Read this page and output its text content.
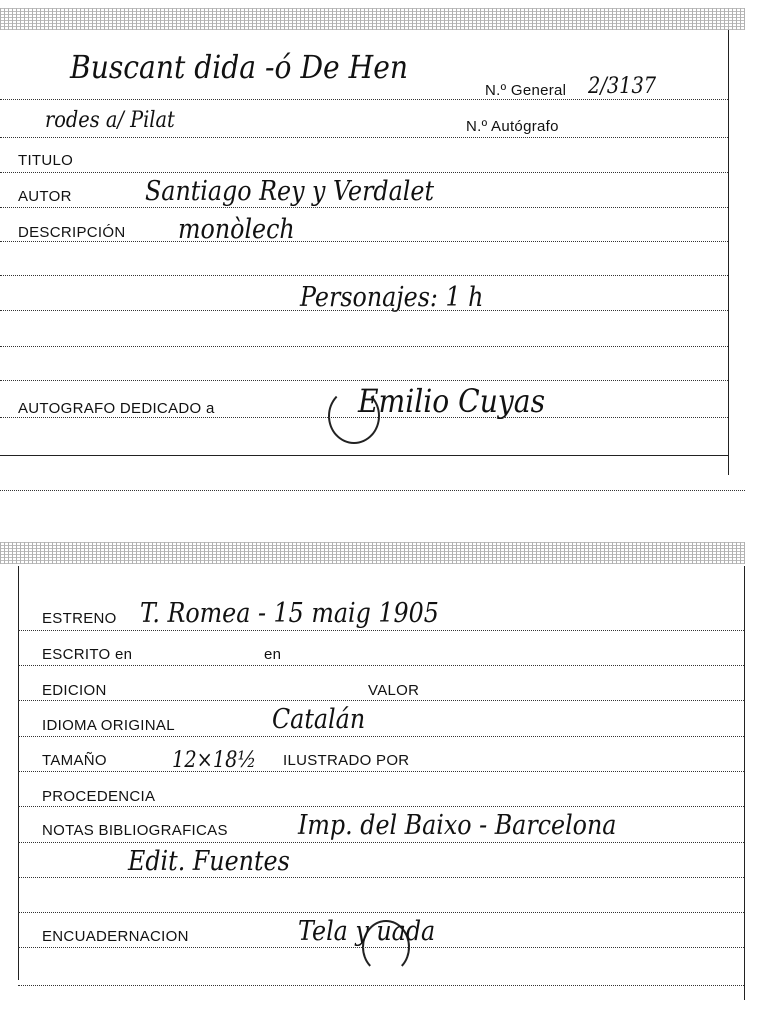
Buscant dida -ó De Hen
N.º General 2/3137
rodes a/ Pilat	N.º Autógrafo
TITULO
AUTOR	Santiago Rey y Verdalet
DESCRIPCIÓN monòlech
Personajes: 1 h
AUTOGRAFO DEDICADO a	Emilio Cuyas
ESTRENO T. Romea - 15 maig 1905
ESCRITO en	en
EDICION	VALOR
IDIOMA ORIGINAL	Catalán
TAMAÑO	12×18½ ILUSTRADO POR
PROCEDENCIA
NOTAS BIBLIOGRAFICAS	Imp. del Baixo - Barcelona
Edit. Fuentes
ENCUADERNACION	Tela y uada
